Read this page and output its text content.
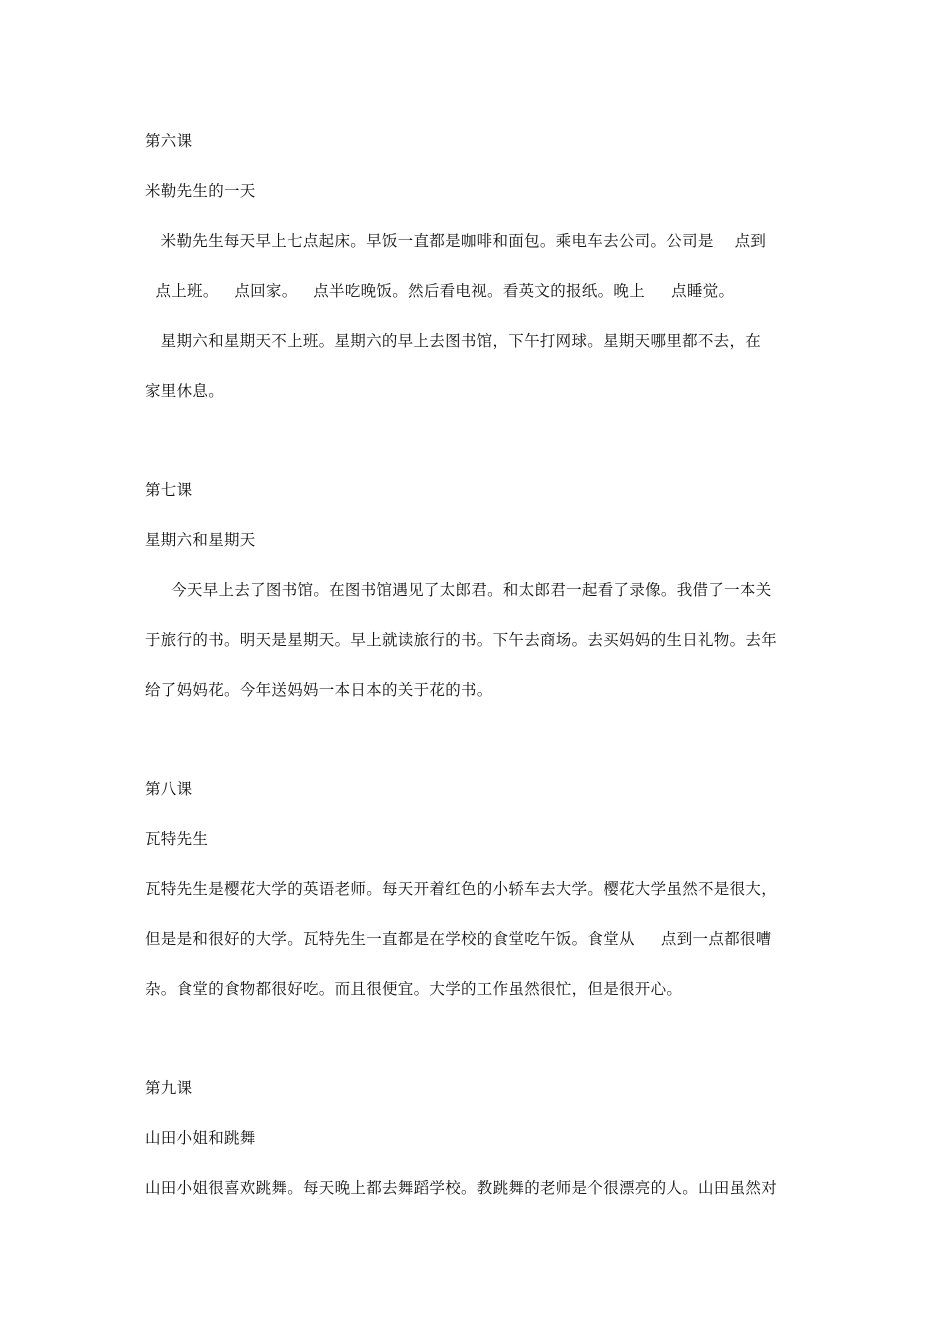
第六课
米勒先生的一天
米勒先生每天早上七点起床。早饭一直都是咖啡和面包。乘电车去公司。公司是    点到
点上班。   点回家。   点半吃晚饭。然后看电视。看英文的报纸。晚上     点睡觉。
星期六和星期天不上班。星期六的早上去图书馆，下午打网球。星期天哪里都不去，在
家里休息。
第七课
星期六和星期天
今天早上去了图书馆。在图书馆遇见了太郎君。和太郎君一起看了录像。我借了一本关
于旅行的书。明天是星期天。早上就读旅行的书。下午去商场。去买妈妈的生日礼物。去年
给了妈妈花。今年送妈妈一本日本的关于花的书。
第八课
瓦特先生
瓦特先生是樱花大学的英语老师。每天开着红色的小轿车去大学。樱花大学虽然不是很大，
但是是和很好的大学。瓦特先生一直都是在学校的食堂吃午饭。食堂从     点到一点都很嘈
杂。食堂的食物都很好吃。而且很便宜。大学的工作虽然很忙，但是很开心。
第九课
山田小姐和跳舞
山田小姐很喜欢跳舞。每天晚上都去舞蹈学校。教跳舞的老师是个很漂亮的人。山田虽然对
